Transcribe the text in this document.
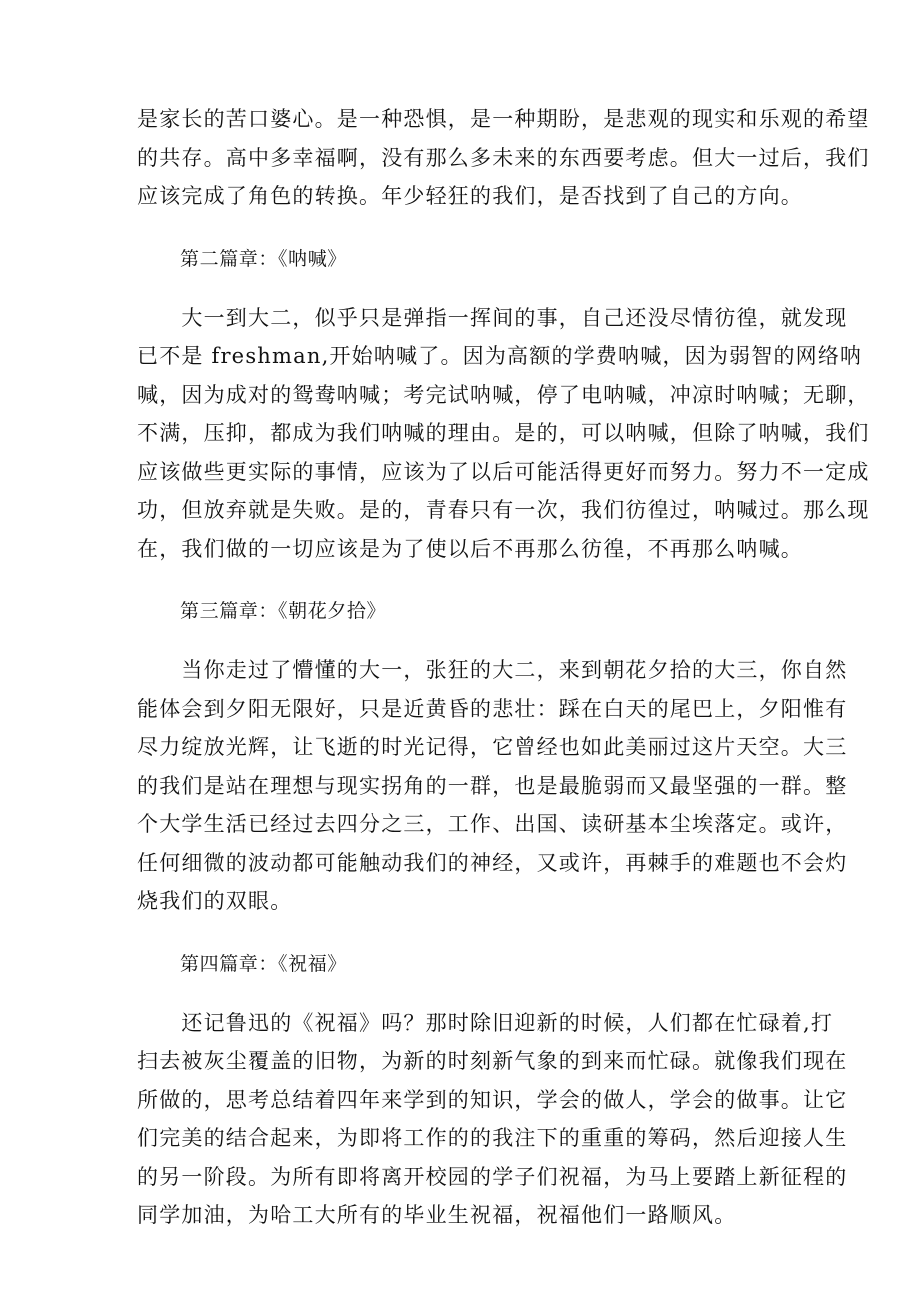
是家长的苦口婆心。是一种恐惧，是一种期盼，是悲观的现实和乐观的希望
的共存。高中多幸福啊，没有那么多未来的东西要考虑。但大一过后，我们
应该完成了角色的转换。年少轻狂的我们，是否找到了自己的方向。
第二篇章：《呐喊》
　　大一到大二，似乎只是弹指一挥间的事，自己还没尽情彷徨，就发现
已不是 freshman,开始呐喊了。因为高额的学费呐喊，因为弱智的网络呐
喊，因为成对的鸳鸯呐喊；考完试呐喊，停了电呐喊，冲凉时呐喊；无聊，
不满，压抑，都成为我们呐喊的理由。是的，可以呐喊，但除了呐喊，我们
应该做些更实际的事情，应该为了以后可能活得更好而努力。努力不一定成
功，但放弃就是失败。是的，青春只有一次，我们彷徨过，呐喊过。那么现
在，我们做的一切应该是为了使以后不再那么彷徨，不再那么呐喊。
第三篇章：《朝花夕拾》
　　当你走过了懵懂的大一，张狂的大二，来到朝花夕拾的大三，你自然
能体会到夕阳无限好，只是近黄昏的悲壮：踩在白天的尾巴上，夕阳惟有
尽力绽放光辉，让飞逝的时光记得，它曾经也如此美丽过这片天空。大三
的我们是站在理想与现实拐角的一群，也是最脆弱而又最坚强的一群。整
个大学生活已经过去四分之三，工作、出国、读研基本尘埃落定。或许，
任何细微的波动都可能触动我们的神经，又或许，再棘手的难题也不会灼
烧我们的双眼。
第四篇章：《祝福》
　　还记鲁迅的《祝福》吗？那时除旧迎新的时候，人们都在忙碌着,打
扫去被灰尘覆盖的旧物，为新的时刻新气象的到来而忙碌。就像我们现在
所做的，思考总结着四年来学到的知识，学会的做人，学会的做事。让它
们完美的结合起来，为即将工作的的我注下的重重的筹码，然后迎接人生
的另一阶段。为所有即将离开校园的学子们祝福，为马上要踏上新征程的
同学加油，为哈工大所有的毕业生祝福，祝福他们一路顺风。
